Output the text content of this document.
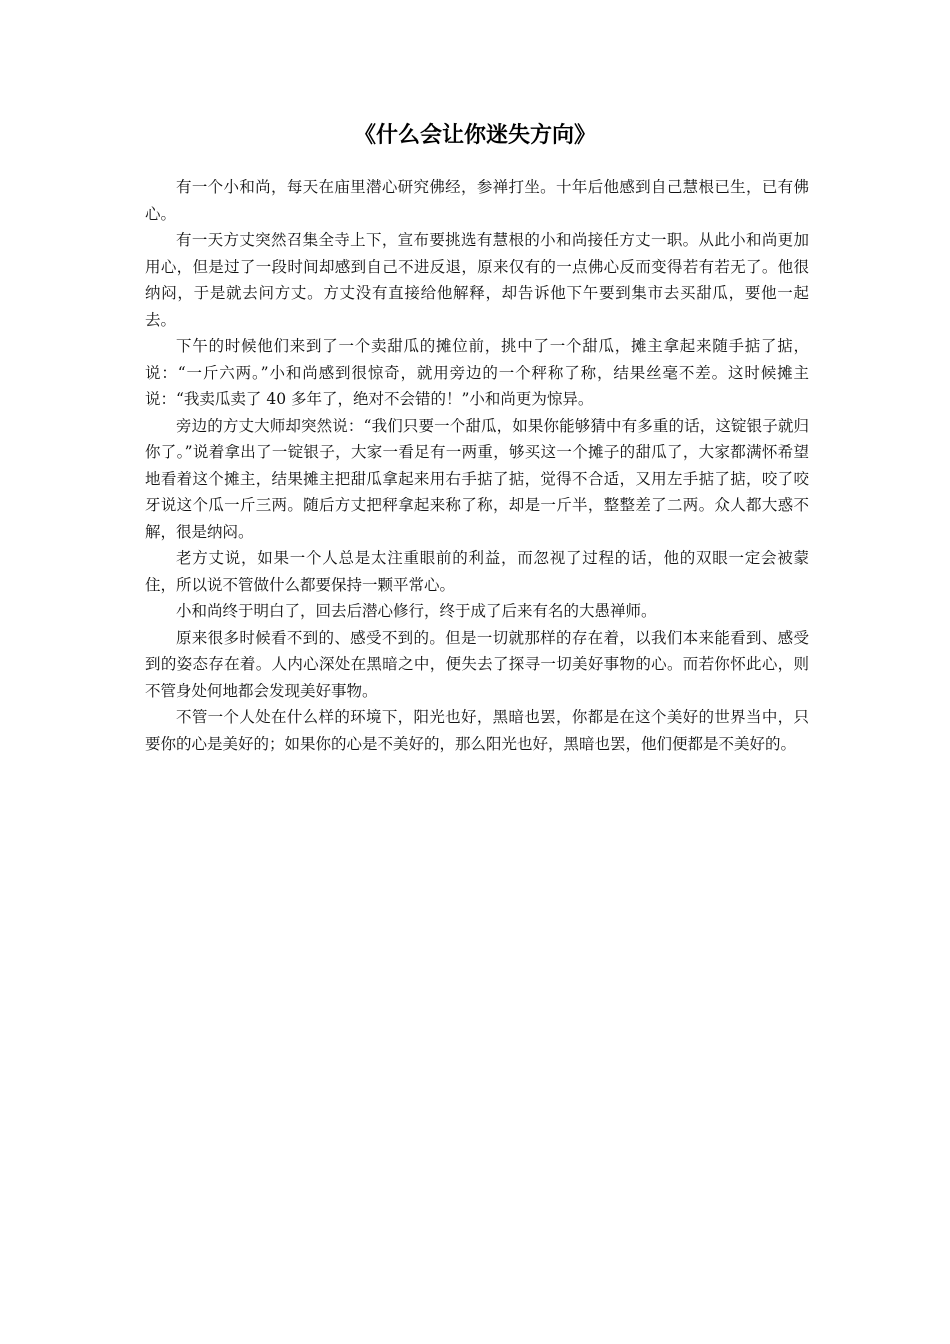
《什么会让你迷失方向》

有一个小和尚，每天在庙里潜心研究佛经，参禅打坐。十年后他感到自己慧根已生，已有佛心。

有一天方丈突然召集全寺上下，宣布要挑选有慧根的小和尚接任方丈一职。从此小和尚更加用心，但是过了一段时间却感到自己不进反退，原来仅有的一点佛心反而变得若有若无了。他很纳闷，于是就去问方丈。方丈没有直接给他解释，却告诉他下午要到集市去买甜瓜，要他一起去。

下午的时候他们来到了一个卖甜瓜的摊位前，挑中了一个甜瓜，摊主拿起来随手掂了掂，说：“一斤六两。”小和尚感到很惊奇，就用旁边的一个秤称了称，结果丝毫不差。这时候摊主说：“我卖瓜卖了 40 多年了，绝对不会错的！”小和尚更为惊异。

旁边的方丈大师却突然说：“我们只要一个甜瓜，如果你能够猜中有多重的话，这锭银子就归你了。”说着拿出了一锭银子，大家一看足有一两重，够买这一个摊子的甜瓜了，大家都满怀希望地看着这个摊主，结果摊主把甜瓜拿起来用右手掂了掂，觉得不合适，又用左手掂了掂，咬了咬牙说这个瓜一斤三两。随后方丈把秤拿起来称了称，却是一斤半，整整差了二两。众人都大惑不解，很是纳闷。

老方丈说，如果一个人总是太注重眼前的利益，而忽视了过程的话，他的双眼一定会被蒙住，所以说不管做什么都要保持一颗平常心。

小和尚终于明白了，回去后潜心修行，终于成了后来有名的大愚禅师。

原来很多时候看不到的、感受不到的。但是一切就那样的存在着，以我们本来能看到、感受到的姿态存在着。人内心深处在黑暗之中，便失去了探寻一切美好事物的心。而若你怀此心，则不管身处何地都会发现美好事物。

不管一个人处在什么样的环境下，阳光也好，黑暗也罢，你都是在这个美好的世界当中，只要你的心是美好的；如果你的心是不美好的，那么阳光也好，黑暗也罢，他们便都是不美好的。
